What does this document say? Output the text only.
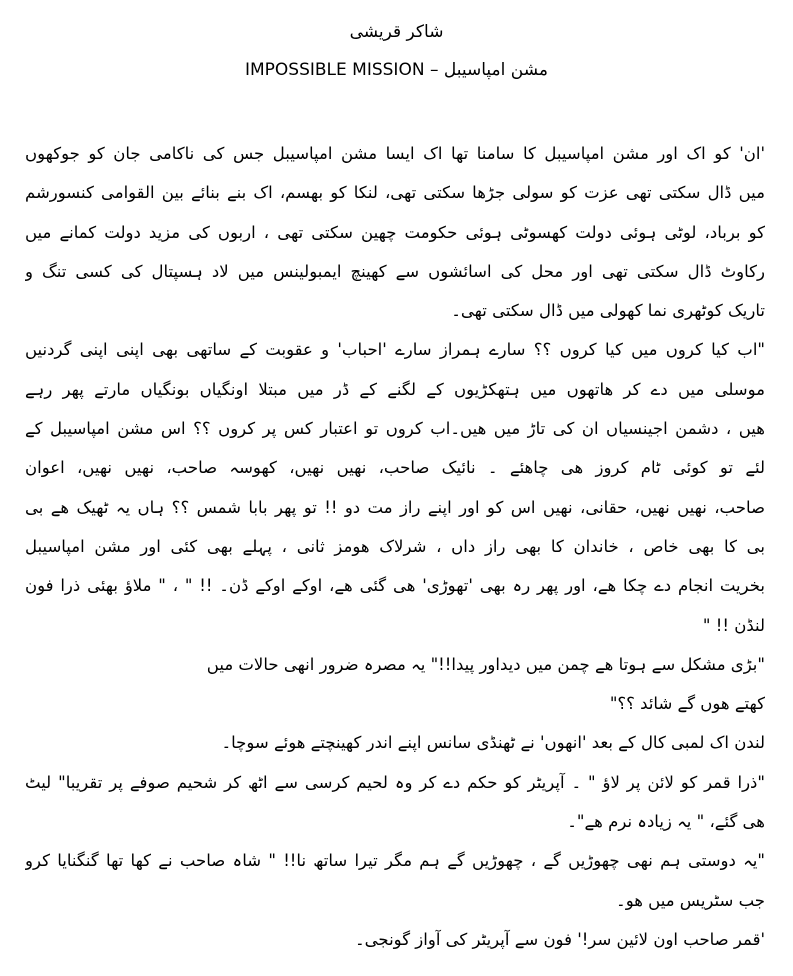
شاکر قریشی
مشن امپاسیبل – IMPOSSIBLE MISSION
'ان' کو اک اور مشن امپاسیبل کا سامنا تھا اک ایسا مشن امپاسیبل جس کی ناکامی جان کو جوکھوں
میں ڈال سکتی تھی عزت کو سولی جڑھا سکتی تھی، لنکا کو بھسم، اک بنے بنائے بین القوامی کنسورشم
کو برباد، لوٹی ہوئی دولت کھسوٹی ہوئی حکومت چھین سکتی تھی ، اربوں کی مزید دولت کمانے میں
رکاوٹ ڈال سکتی تھی اور محل کی اسائشوں سے کھینچ ایمبولینس میں لاد ہسپتال کی کسی تنگ و
تاریک کوٹھری نما کھولی میں ڈال سکتی تھی۔
"اب کیا کروں میں کیا کروں ؟؟ سارے ہمراز سارے 'احباب' و عقوبت کے ساتھی بھی اپنی اپنی گردنیں
موسلی میں دے کر ھاتھوں میں ہتھکڑیوں کے لگنے کے ڈر میں مبتلا اونگیاں بونگیاں مارتے پھر رہے
ھیں ، دشمن اجینسیاں ان کی تاڑ میں ھیں۔اب کروں تو اعتبار کس پر کروں ؟؟ اس مشن امپاسیبل کے
لئے تو کوئی ٹام کروز ھی چاھئے ۔ نائیک صاحب، نھیں نھیں، کھوسہ صاحب، نھیں نھیں، اعوان
صاحب، نھیں نھیں، حقانی، نھیں اس کو اور اپنے راز مت دو !! تو پھر بابا شمس ؟؟ ہاں یہ ٹھیک ھے بی
بی کا بھی خاص ، خاندان کا بھی راز داں ، شرلاک ھومز ثانی ، پہلے بھی کئی اور مشن امپاسیبل
بخریت انجام دے چکا ھے، اور پھر رہ بھی 'تھوڑی' ھی گئی ھے، اوکے اوکے ڈن۔ !! " ، " ملاؤ بھئی ذرا فون
لنڈن !! "
"بڑی مشکل سے ہوتا ھے چمن میں دیداور پیدا!!" یہ مصرہ ضرور انھی حالات میں
کھتے ھوں گے شائد ؟؟"
لندن اک لمبی کال کے بعد 'انھوں' نے ٹھنڈی سانس اپنے اندر کھینچتے ھوئے سوچا۔
"ذرا قمر کو لائن پر لاؤ " ۔ آپریٹر کو حکم دے کر وہ لحیم کرسی سے اٹھ کر شحیم صوفے پر تقریبا" لیٹ
ھی گئے، " یہ زیادہ نرم ھے"۔
"یہ دوستی ہم نھی چھوڑیں گے ، چھوڑیں گے ہم مگر تیرا ساتھ نا!! " شاہ صاحب نے کھا تھا گنگنایا کرو
جب سٹریس میں ھو۔
'قمر صاحب اون لائین سر!' فون سے آپریٹر کی آواز گونجی۔
